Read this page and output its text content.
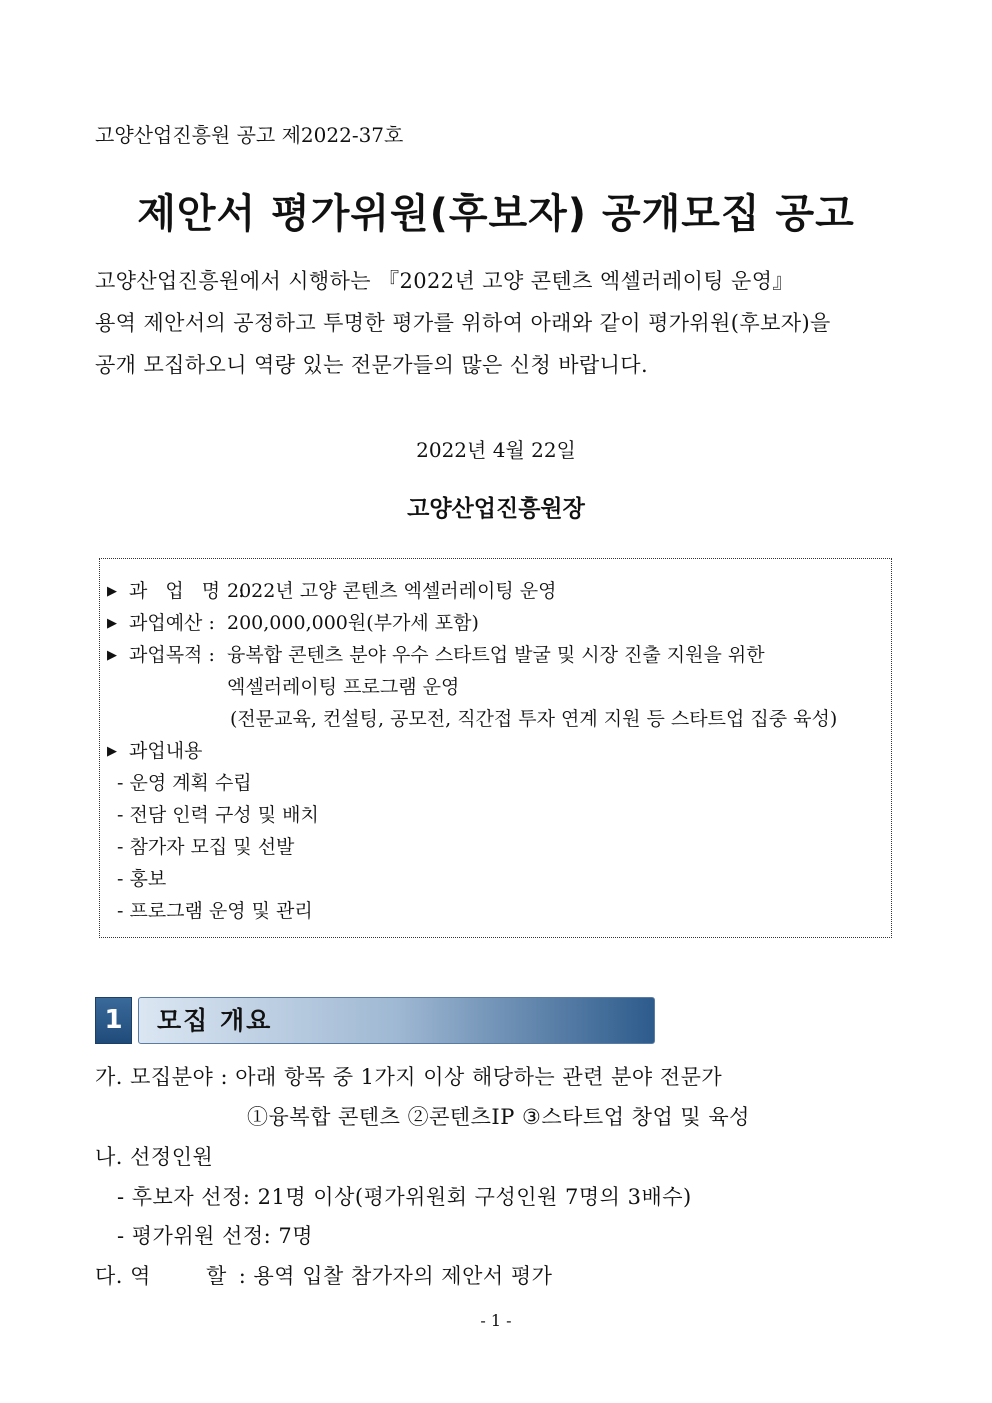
고양산업진흥원 공고 제2022-37호
제안서 평가위원(후보자) 공개모집 공고
고양산업진흥원에서 시행하는 『2022년 고양 콘텐츠 엑셀러레이팅 운영』
용역 제안서의 공정하고 투명한 평가를 위하여 아래와 같이 평가위원(후보자)을
공개 모집하오니 역량 있는 전문가들의 많은 신청 바랍니다.
2022년 4월 22일
고양산업진흥원장
▶ 과 업 명 :2022년 고양 콘텐츠 엑셀러레이팅 운영
▶ 과업예산 : 200,000,000원(부가세 포함)
▶ 과업목적 : 융복합 콘텐츠 분야 우수 스타트업 발굴 및 시장 진출 지원을 위한
엑셀러레이팅 프로그램 운영
(전문교육, 컨설팅, 공모전, 직간접 투자 연계 지원 등 스타트업 집중 육성)
▶ 과업내용
- 운영 계획 수립
- 전담 인력 구성 및 배치
- 참가자 모집 및 선발
- 홍보
- 프로그램 운영 및 관리
1	모집 개요
가. 모집분야 : 아래 항목 중 1가지 이상 해당하는 관련 분야 전문가
①융복합 콘텐츠 ②콘텐츠IP ③스타트업 창업 및 육성
나. 선정인원
- 후보자 선정: 21명 이상(평가위원회 구성인원 7명의 3배수)
- 평가위원 선정: 7명
다. 역	할 : 용역 입찰 참가자의 제안서 평가
- 1 -
